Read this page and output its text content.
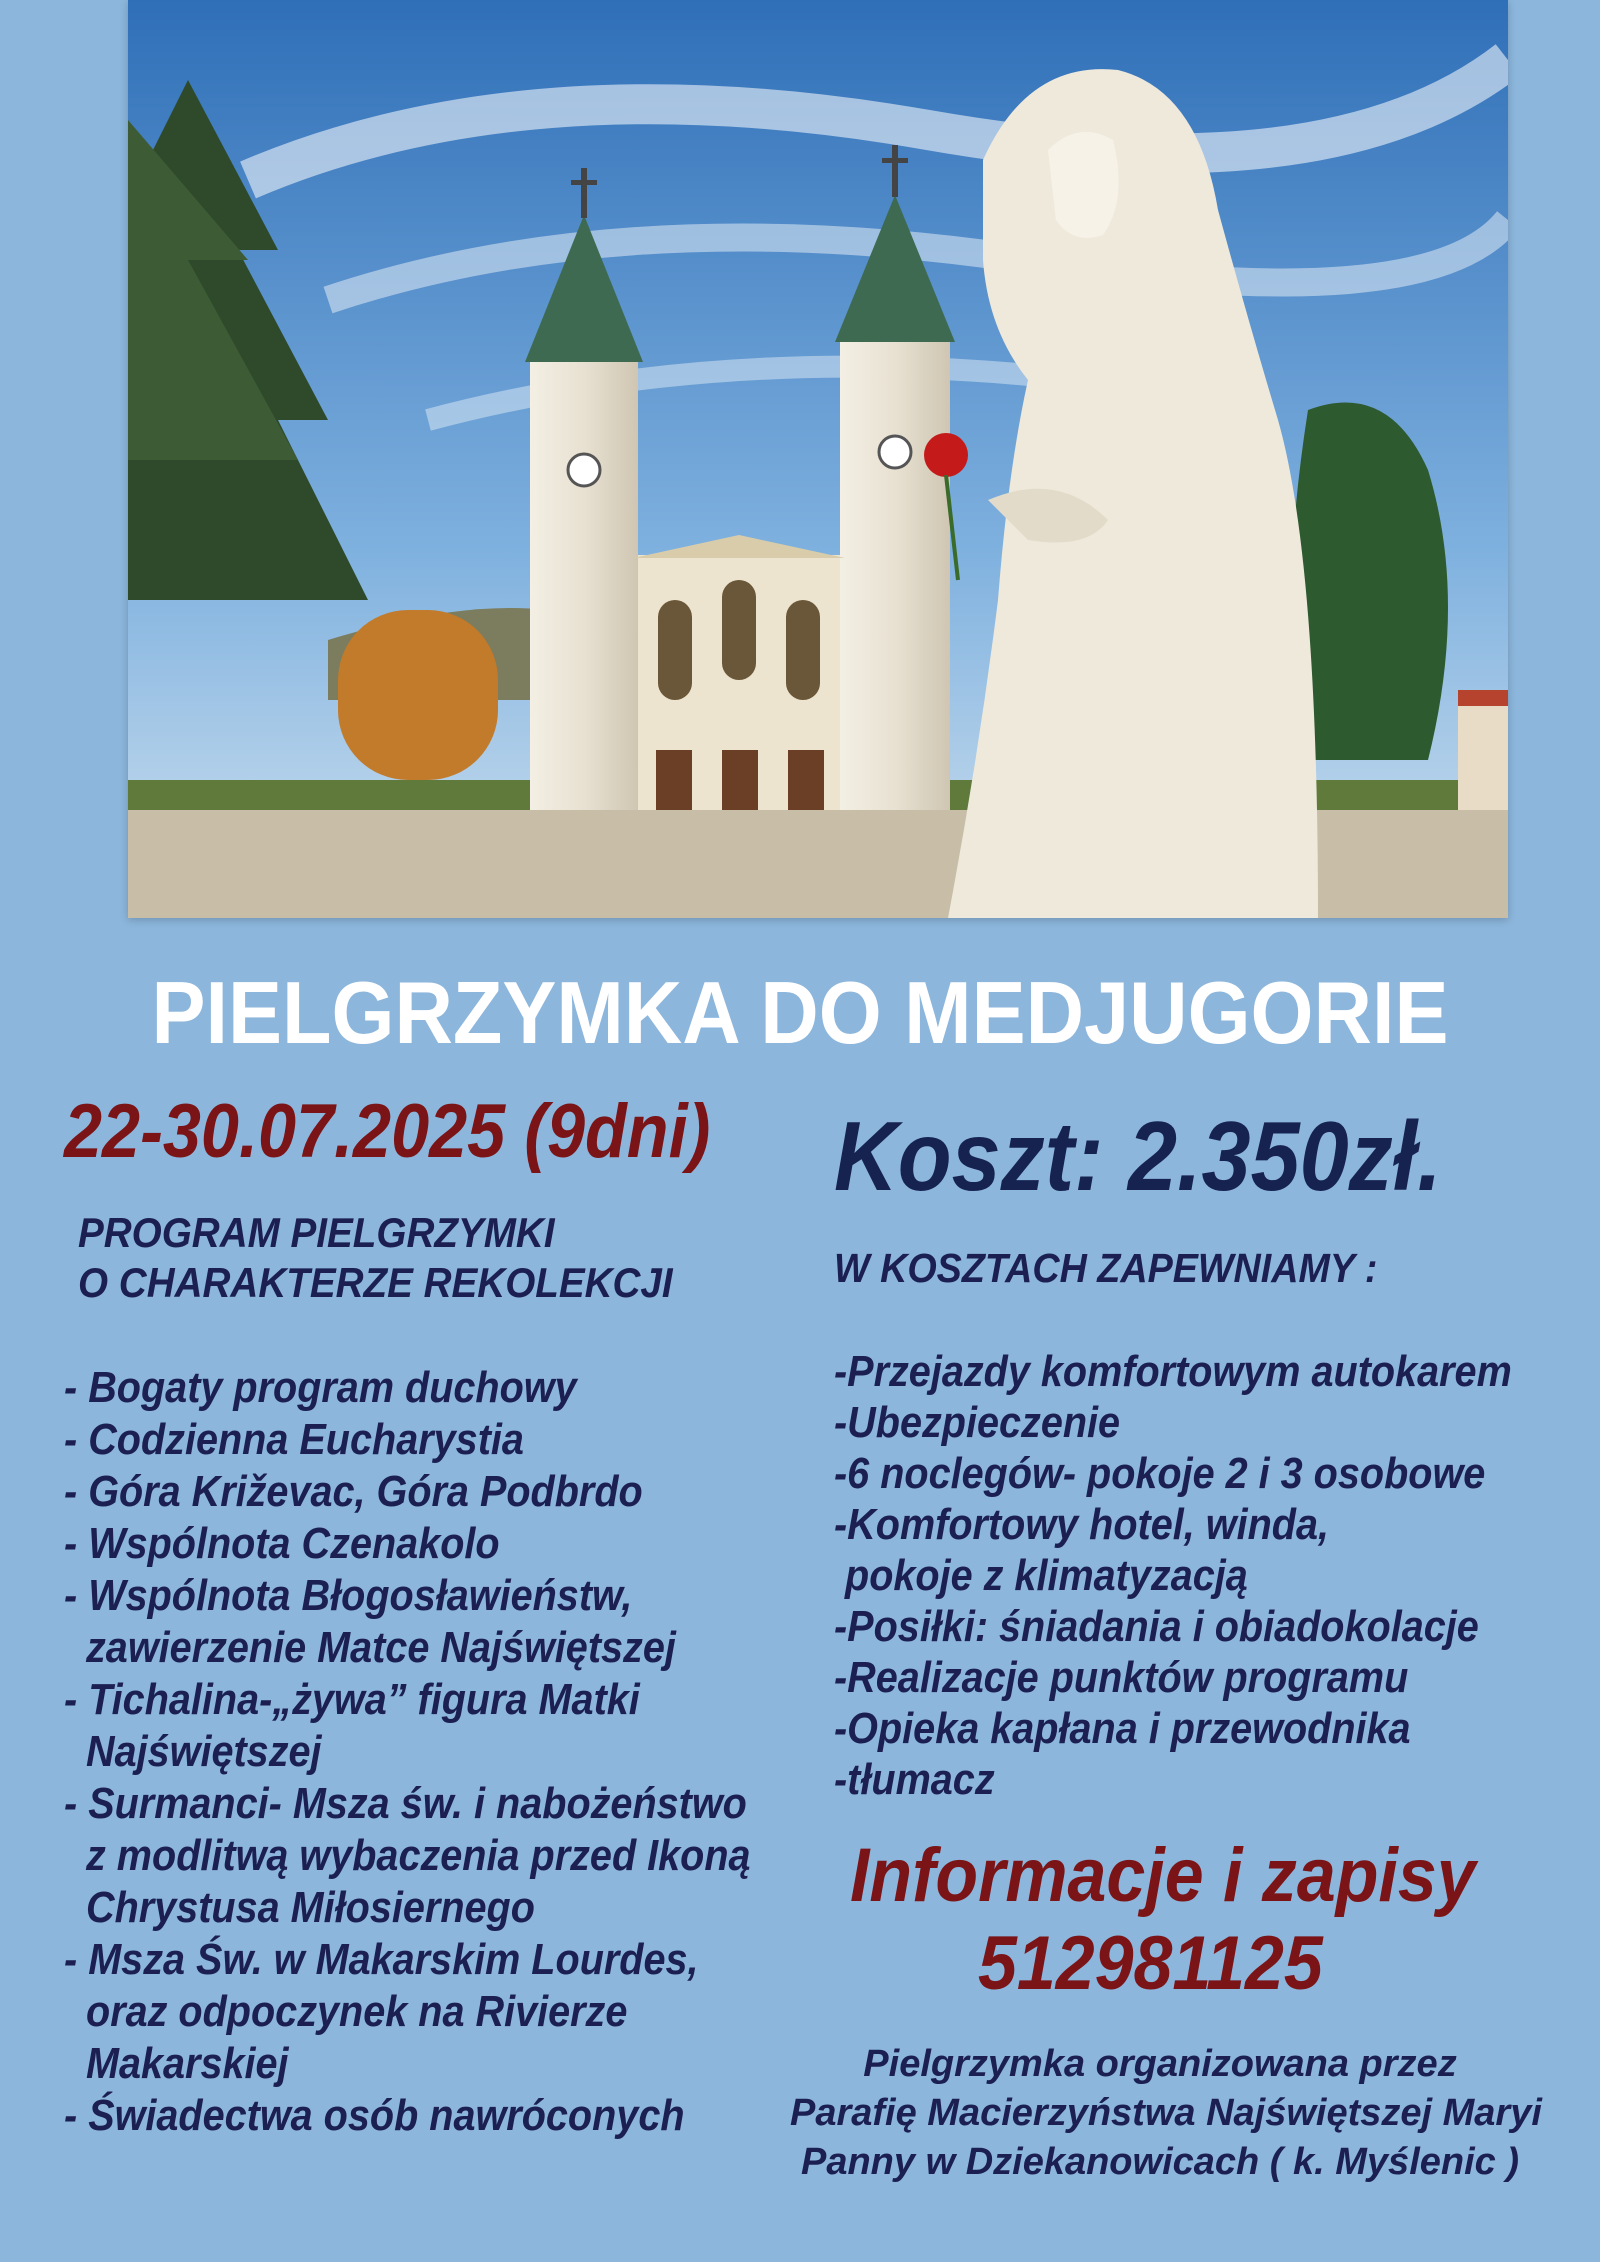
PIELGRZYMKA DO MEDJUGORIE
22-30.07.2025 (9dni) Koszt: 2.350zł.
PROGRAM PIELGRZYMKI
O CHARAKTERZE REKOLEKCJI
- Bogaty program duchowy
- Codzienna Eucharystia
- Góra Križevac, Góra Podbrdo
- Wspólnota Czenakolo
- Wspólnota Błogosławieństw,
zawierzenie Matce Najświętszej
- Tichalina-„żywa” figura Matki
Najświętszej
- Surmanci- Msza św. i nabożeństwo
z modlitwą wybaczenia przed Ikoną
Chrystusa Miłosiernego
- Msza Św. w Makarskim Lourdes,
oraz odpoczynek na Rivierze
Makarskiej
- Świadectwa osób nawróconych
W KOSZTACH ZAPEWNIAMY :
-Przejazdy komfortowym autokarem
-Ubezpieczenie
-6 noclegów- pokoje 2 i 3 osobowe
-Komfortowy hotel, winda,
pokoje z klimatyzacją
-Posiłki: śniadania i obiadokolacje
-Realizacje punktów programu
-Opieka kapłana i przewodnika
-tłumacz
Informacje i zapisy
512981125
Pielgrzymka organizowana przez
Parafię Macierzyństwa Najświętszej Maryi
Panny w Dziekanowicach ( k. Myślenic )
